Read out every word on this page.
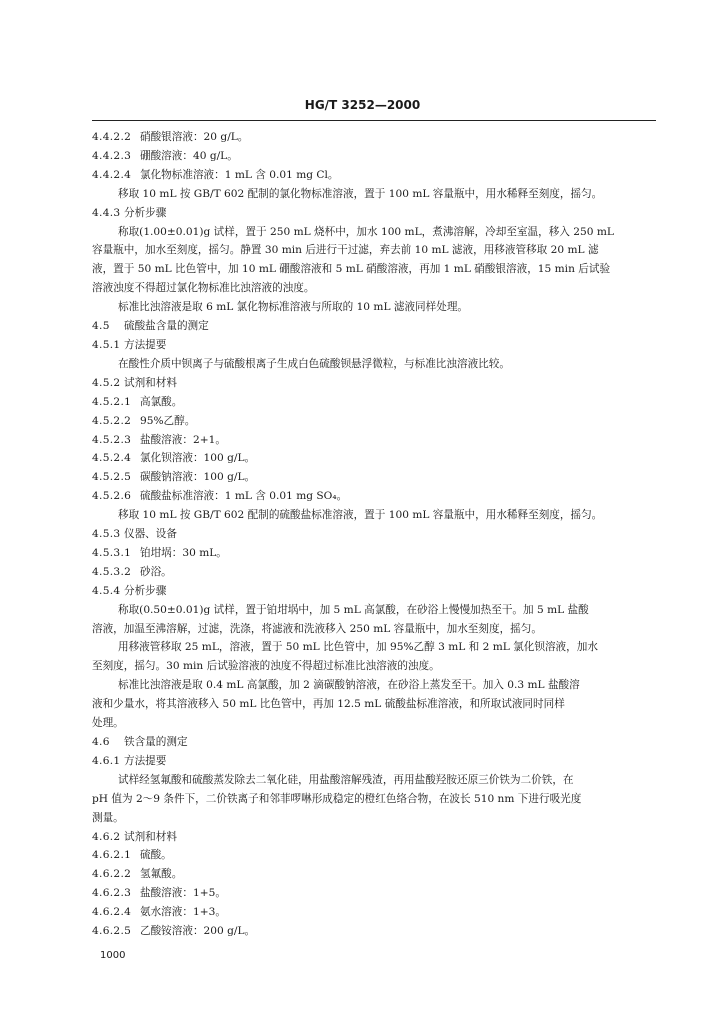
HG/T 3252—2000
4.4.2.2 硝酸银溶液：20 g/L。
4.4.2.3 硼酸溶液：40 g/L。
4.4.2.4 氯化物标准溶液：1 mL 含 0.01 mg Cl。
移取 10 mL 按 GB/T 602 配制的氯化物标准溶液，置于 100 mL 容量瓶中，用水稀释至刻度，摇匀。
4.4.3 分析步骤
称取(1.00±0.01)g 试样，置于 250 mL 烧杯中，加水 100 mL，煮沸溶解，冷却至室温，移入 250 mL
容量瓶中，加水至刻度，摇匀。静置 30 min 后进行干过滤，弃去前 10 mL 滤液，用移液管移取 20 mL 滤
液，置于 50 mL 比色管中，加 10 mL 硼酸溶液和 5 mL 硝酸溶液，再加 1 mL 硝酸银溶液，15 min 后试验
溶液浊度不得超过氯化物标准比浊溶液的浊度。
标准比浊溶液是取 6 mL 氯化物标准溶液与所取的 10 mL 滤液同样处理。
4.5 硫酸盐含量的测定
4.5.1 方法提要
在酸性介质中钡离子与硫酸根离子生成白色硫酸钡悬浮微粒，与标准比浊溶液比较。
4.5.2 试剂和材料
4.5.2.1 高氯酸。
4.5.2.2 95%乙醇。
4.5.2.3 盐酸溶液：2+1。
4.5.2.4 氯化钡溶液：100 g/L。
4.5.2.5 碳酸钠溶液：100 g/L。
4.5.2.6 硫酸盐标准溶液：1 mL 含 0.01 mg SO₄。
移取 10 mL 按 GB/T 602 配制的硫酸盐标准溶液，置于 100 mL 容量瓶中，用水稀释至刻度，摇匀。
4.5.3 仪器、设备
4.5.3.1 铂坩埚：30 mL。
4.5.3.2 砂浴。
4.5.4 分析步骤
称取(0.50±0.01)g 试样，置于铂坩埚中，加 5 mL 高氯酸，在砂浴上慢慢加热至干。加 5 mL 盐酸
溶液，加温至沸溶解，过滤，洗涤，将滤液和洗液移入 250 mL 容量瓶中，加水至刻度，摇匀。
用移液管移取 25 mL，溶液，置于 50 mL 比色管中，加 95%乙醇 3 mL 和 2 mL 氯化钡溶液，加水
至刻度，摇匀。30 min 后试验溶液的浊度不得超过标准比浊溶液的浊度。
标准比浊溶液是取 0.4 mL 高氯酸，加 2 滴碳酸钠溶液，在砂浴上蒸发至干。加入 0.3 mL 盐酸溶
液和少量水，将其溶液移入 50 mL 比色管中，再加 12.5 mL 硫酸盐标准溶液，和所取试液同时同样
处理。
4.6 铁含量的测定
4.6.1 方法提要
试样经氢氟酸和硫酸蒸发除去二氧化硅，用盐酸溶解残渣，再用盐酸羟胺还原三价铁为二价铁，在
pH 值为 2～9 条件下，二价铁离子和邻菲啰啉形成稳定的橙红色络合物，在波长 510 nm 下进行吸光度
测量。
4.6.2 试剂和材料
4.6.2.1 硫酸。
4.6.2.2 氢氟酸。
4.6.2.3 盐酸溶液：1+5。
4.6.2.4 氨水溶液：1+3。
4.6.2.5 乙酸铵溶液：200 g/L。
1000
